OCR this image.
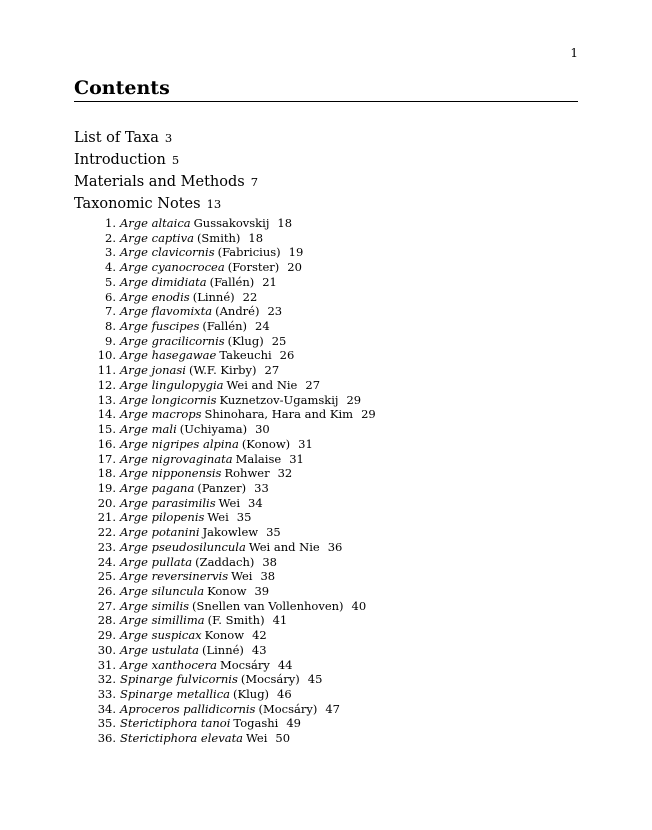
1
Contents
List of Taxa 3
Introduction 5
Materials and Methods 7
Taxonomic Notes 13
1. Arge altaica Gussakovskij 18
2. Arge captiva (Smith) 18
3. Arge clavicornis (Fabricius) 19
4. Arge cyanocrocea (Forster) 20
5. Arge dimidiata (Fallén) 21
6. Arge enodis (Linné) 22
7. Arge flavomixta (André) 23
8. Arge fuscipes (Fallén) 24
9. Arge gracilicornis (Klug) 25
10. Arge hasegawae Takeuchi 26
11. Arge jonasi (W.F. Kirby) 27
12. Arge lingulopygia Wei and Nie 27
13. Arge longicornis Kuznetzov-Ugamskij 29
14. Arge macrops Shinohara, Hara and Kim 29
15. Arge mali (Uchiyama) 30
16. Arge nigripes alpina (Konow) 31
17. Arge nigrovaginata Malaise 31
18. Arge nipponensis Rohwer 32
19. Arge pagana (Panzer) 33
20. Arge parasimilis Wei 34
21. Arge pilopenis Wei 35
22. Arge potanini Jakowlew 35
23. Arge pseudosiluncula Wei and Nie 36
24. Arge pullata (Zaddach) 38
25. Arge reversinervis Wei 38
26. Arge siluncula Konow 39
27. Arge similis (Snellen van Vollenhoven) 40
28. Arge simillima (F. Smith) 41
29. Arge suspicax Konow 42
30. Arge ustulata (Linné) 43
31. Arge xanthocera Mocsáry 44
32. Spinarge fulvicornis (Mocsáry) 45
33. Spinarge metallica (Klug) 46
34. Aproceros pallidicornis (Mocsáry) 47
35. Sterictiphora tanoi Togashi 49
36. Sterictiphora elevata Wei 50
